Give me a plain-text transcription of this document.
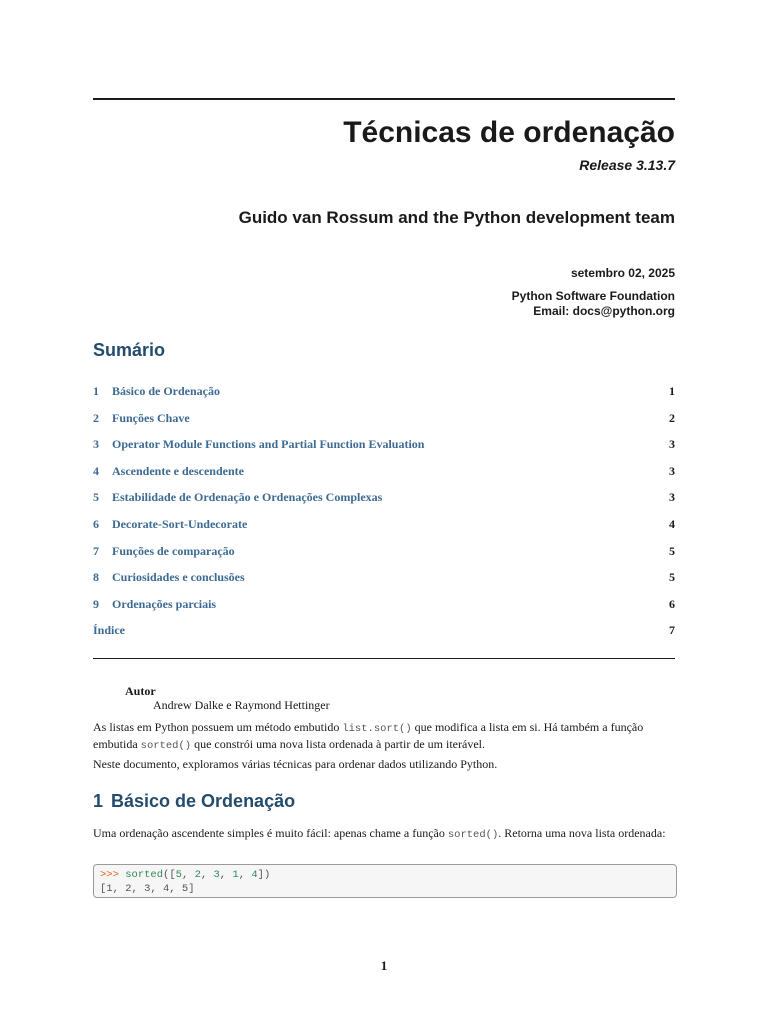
Técnicas de ordenação
Release 3.13.7
Guido van Rossum and the Python development team
setembro 02, 2025
Python Software Foundation
Email: docs@python.org
Sumário
1	Básico de Ordenação	1
2	Funções Chave	2
3	Operator Module Functions and Partial Function Evaluation	3
4	Ascendente e descendente	3
5	Estabilidade de Ordenação e Ordenações Complexas	3
6	Decorate-Sort-Undecorate	4
7	Funções de comparação	5
8	Curiosidades e conclusões	5
9	Ordenações parciais	6
Índice	7
Autor
Andrew Dalke e Raymond Hettinger
As listas em Python possuem um método embutido list.sort() que modifica a lista em si. Há também a função embutida sorted() que constrói uma nova lista ordenada à partir de um iterável.
Neste documento, exploramos várias técnicas para ordenar dados utilizando Python.
1 Básico de Ordenação
Uma ordenação ascendente simples é muito fácil: apenas chame a função sorted(). Retorna uma nova lista ordenada:
>>> sorted([5, 2, 3, 1, 4])
[1, 2, 3, 4, 5]
1
